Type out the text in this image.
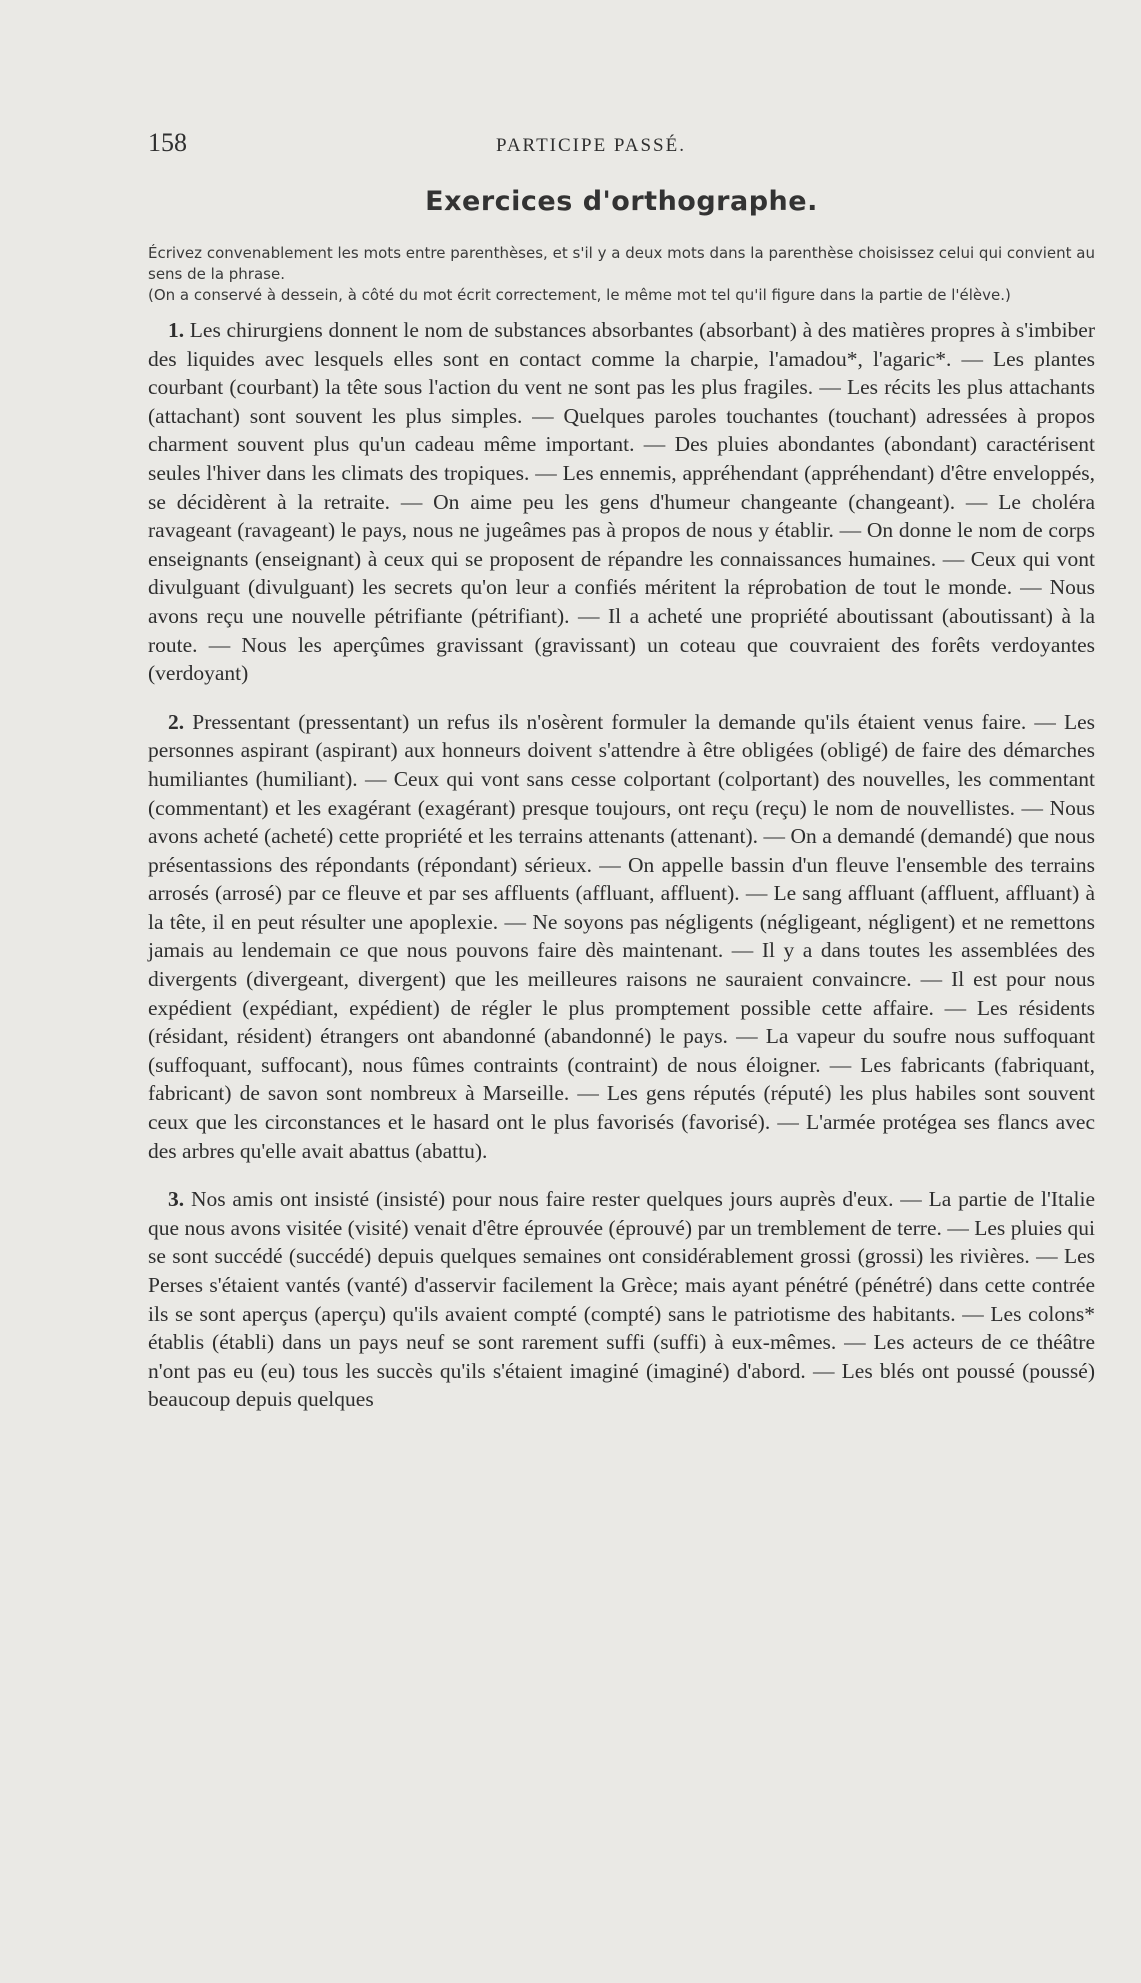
158	PARTICIPE PASSÉ.
Exercices d'orthographe.

Écrivez convenablement les mots entre parenthèses, et s'il y a deux mots dans la parenthèse choisissez celui qui convient au sens de la phrase.

(On a conservé à dessein, à côté du mot écrit correctement, le même mot tel qu'il figure dans la partie de l'élève.)

1. Les chirurgiens donnent le nom de substances absorbantes (absorbant) à des matières propres à s'imbiber des liquides avec lesquels elles sont en contact comme la charpie, l'amadou*, l'agaric*. — Les plantes courbant (courbant) la tête sous l'action du vent ne sont pas les plus fragiles. — Les récits les plus attachants (attachant) sont souvent les plus simples. — Quelques paroles touchantes (touchant) adressées à propos charment souvent plus qu'un cadeau même important. — Des pluies abondantes (abondant) caractérisent seules l'hiver dans les climats des tropiques. — Les ennemis, appréhendant (appréhendant) d'être enveloppés, se décidèrent à la retraite. — On aime peu les gens d'humeur changeante (changeant). — Le choléra ravageant (ravageant) le pays, nous ne jugeâmes pas à propos de nous y établir. — On donne le nom de corps enseignants (enseignant) à ceux qui se proposent de répandre les connaissances humaines. — Ceux qui vont divulguant (divulguant) les secrets qu'on leur a confiés méritent la réprobation de tout le monde. — Nous avons reçu une nouvelle pétrifiante (pétrifiant). — Il a acheté une propriété aboutissant (aboutissant) à la route. — Nous les aperçûmes gravissant (gravissant) un coteau que couvraient des forêts verdoyantes (verdoyant)

2. Pressentant (pressentant) un refus ils n'osèrent formuler la demande qu'ils étaient venus faire. — Les personnes aspirant (aspirant) aux honneurs doivent s'attendre à être obligées (obligé) de faire des démarches humiliantes (humiliant). — Ceux qui vont sans cesse colportant (colportant) des nouvelles, les commentant (commentant) et les exagérant (exagérant) presque toujours, ont reçu (reçu) le nom de nouvellistes. — Nous avons acheté (acheté) cette propriété et les terrains attenants (attenant). — On a demandé (demandé) que nous présentassions des répondants (répondant) sérieux. — On appelle bassin d'un fleuve l'ensemble des terrains arrosés (arrosé) par ce fleuve et par ses affluents (affluant, affluent). — Le sang affluant (affluent, affluant) à la tête, il en peut résulter une apoplexie. — Ne soyons pas négligents (négligeant, négligent) et ne remettons jamais au lendemain ce que nous pouvons faire dès maintenant. — Il y a dans toutes les assemblées des divergents (divergeant, divergent) que les meilleures raisons ne sauraient convaincre. — Il est pour nous expédient (expédiant, expédient) de régler le plus promptement possible cette affaire. — Les résidents (résidant, résident) étrangers ont abandonné (abandonné) le pays. — La vapeur du soufre nous suffoquant (suffoquant, suffocant), nous fûmes contraints (contraint) de nous éloigner. — Les fabricants (fabriquant, fabricant) de savon sont nombreux à Marseille. — Les gens réputés (réputé) les plus habiles sont souvent ceux que les circonstances et le hasard ont le plus favorisés (favorisé). — L'armée protégea ses flancs avec des arbres qu'elle avait abattus (abattu).

3. Nos amis ont insisté (insisté) pour nous faire rester quelques jours auprès d'eux. — La partie de l'Italie que nous avons visitée (visité) venait d'être éprouvée (éprouvé) par un tremblement de terre. — Les pluies qui se sont succédé (succédé) depuis quelques semaines ont considérablement grossi (grossi) les rivières. — Les Perses s'étaient vantés (vanté) d'asservir facilement la Grèce; mais ayant pénétré (pénétré) dans cette contrée ils se sont aperçus (aperçu) qu'ils avaient compté (compté) sans le patriotisme des habitants. — Les colons* établis (établi) dans un pays neuf se sont rarement suffi (suffi) à eux-mêmes. — Les acteurs de ce théâtre n'ont pas eu (eu) tous les succès qu'ils s'étaient imaginé (imaginé) d'abord. — Les blés ont poussé (poussé) beaucoup depuis quelques
